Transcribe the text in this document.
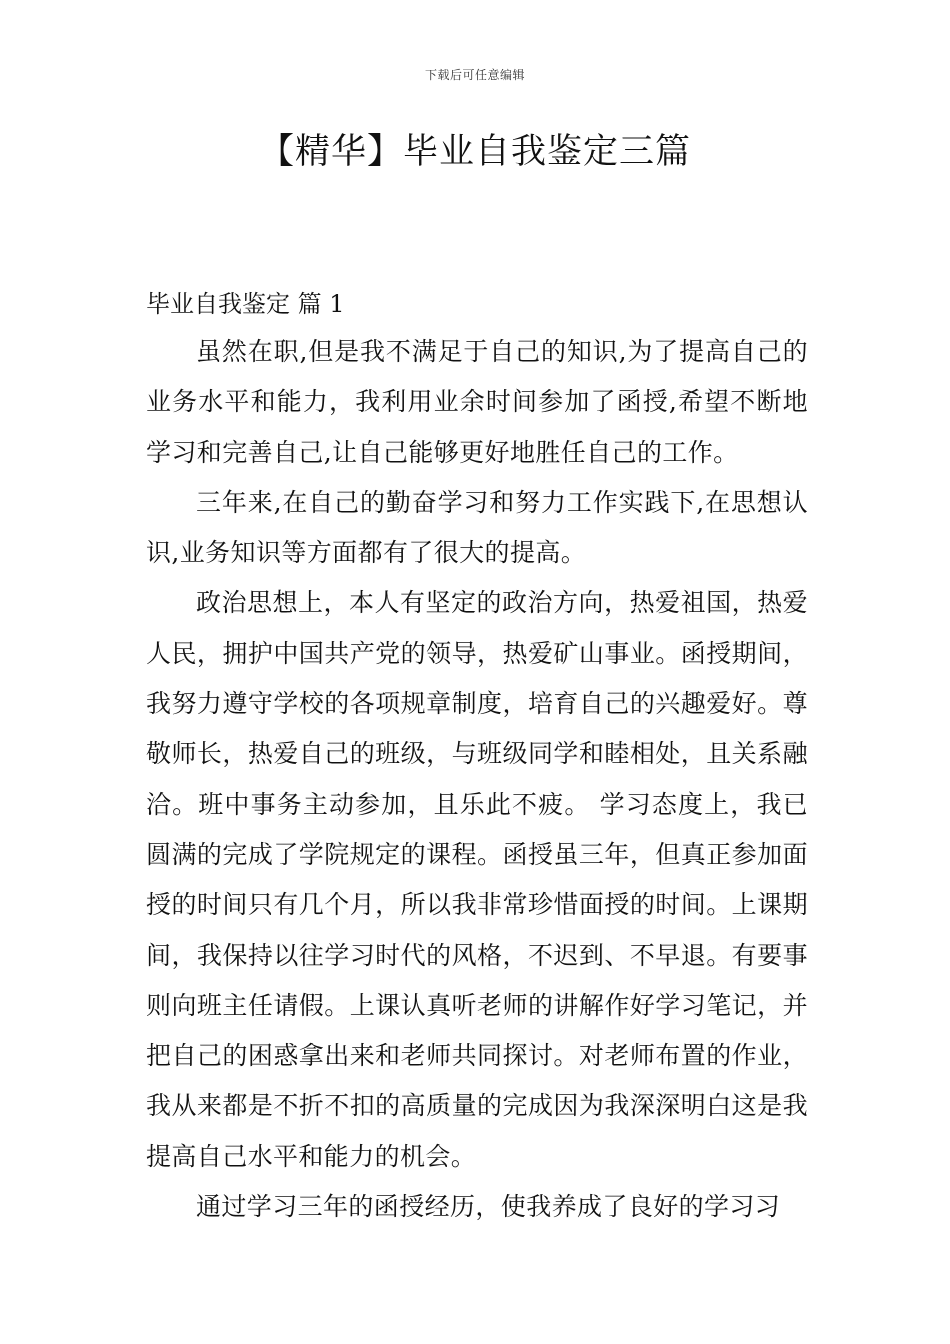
下载后可任意编辑
【精华】毕业自我鉴定三篇
毕业自我鉴定 篇 1

虽然在职,但是我不满足于自己的知识,为了提高自己的业务水平和能力，我利用业余时间参加了函授,希望不断地学习和完善自己,让自己能够更好地胜任自己的工作。

三年来,在自己的勤奋学习和努力工作实践下,在思想认识,业务知识等方面都有了很大的提高。

政治思想上，本人有坚定的政治方向，热爱祖国，热爱人民，拥护中国共产党的领导，热爱矿山事业。函授期间，我努力遵守学校的各项规章制度，培育自己的兴趣爱好。尊敬师长，热爱自己的班级，与班级同学和睦相处，且关系融洽。班中事务主动参加，且乐此不疲。 学习态度上，我已圆满的完成了学院规定的课程。函授虽三年，但真正参加面授的时间只有几个月，所以我非常珍惜面授的时间。上课期间，我保持以往学习时代的风格，不迟到、不早退。有要事则向班主任请假。上课认真听老师的讲解作好学习笔记，并把自己的困惑拿出来和老师共同探讨。对老师布置的作业，我从来都是不折不扣的高质量的完成因为我深深明白这是我提高自己水平和能力的机会。

通过学习三年的函授经历，使我养成了良好的学习习
